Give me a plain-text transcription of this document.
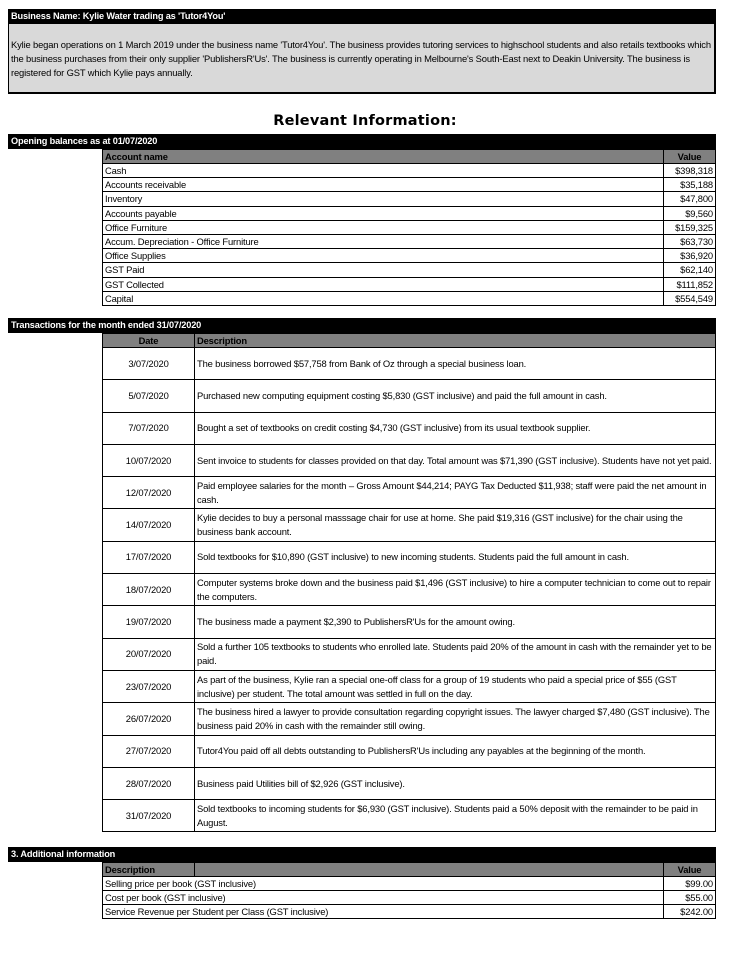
Business Name: Kylie Water trading as 'Tutor4You'
Kylie began operations on 1 March 2019 under the business name 'Tutor4You'. The business provides tutoring services to highschool students and also retails textbooks which the business purchases from their only supplier 'PublishersR'Us'. The business is currently operating in Melbourne's South-East next to Deakin University. The business is registered for GST which Kylie pays annually.
Relevant Information:
Opening balances as at 01/07/2020
Account name	Value
Cash	$398,318
Accounts receivable	$35,188
Inventory	$47,800
Accounts payable	$9,560
Office Furniture	$159,325
Accum. Depreciation - Office Furniture	$63,730
Office Supplies	$36,920
GST Paid	$62,140
GST Collected	$111,852
Capital	$554,549
Transactions for the month ended 31/07/2020
Date	Description
3/07/2020	The business borrowed $57,758 from Bank of Oz through a special business loan.
5/07/2020	Purchased new computing equipment costing $5,830 (GST inclusive) and paid the full amount in cash.
7/07/2020	Bought a set of textbooks on credit costing $4,730 (GST inclusive) from its usual textbook supplier.
10/07/2020	Sent invoice to students for classes provided on that day. Total amount was $71,390 (GST inclusive). Students have not yet paid.
12/07/2020	Paid employee salaries for the month – Gross Amount $44,214; PAYG Tax Deducted $11,938; staff were paid the net amount in cash.
14/07/2020	Kylie decides to buy a personal masssage chair for use at home. She paid $19,316 (GST inclusive) for the chair using the business bank account.
17/07/2020	Sold textbooks for $10,890 (GST inclusive) to new incoming students. Students paid the full amount in cash.
18/07/2020	Computer systems broke down and the business paid $1,496 (GST inclusive) to hire a computer technician to come out to repair the computers.
19/07/2020	The business made a payment $2,390 to PublishersR'Us for the amount owing.
20/07/2020	Sold a further 105 textbooks to students who enrolled late. Students paid 20% of the amount in cash with the remainder yet to be paid.
23/07/2020	As part of the business, Kylie ran a special one-off class for a group of 19 students who paid a special price of $55 (GST inclusive) per student. The total amount was settled in full on the day.
26/07/2020	The business hired a lawyer to provide consultation regarding copyright issues. The lawyer charged $7,480 (GST inclusive). The business paid 20% in cash with the remainder still owing.
27/07/2020	Tutor4You paid off all debts outstanding to PublishersR'Us including any payables at the beginning of the month.
28/07/2020	Business paid Utilities bill of $2,926 (GST inclusive).
31/07/2020	Sold textbooks to incoming students for $6,930 (GST inclusive). Students paid a 50% deposit with the remainder to be paid in August.
3. Additional information
Description		Value
Selling price per book (GST inclusive)		$99.00
Cost per book (GST inclusive)		$55.00
Service Revenue per Student per Class (GST inclusive)		$242.00
